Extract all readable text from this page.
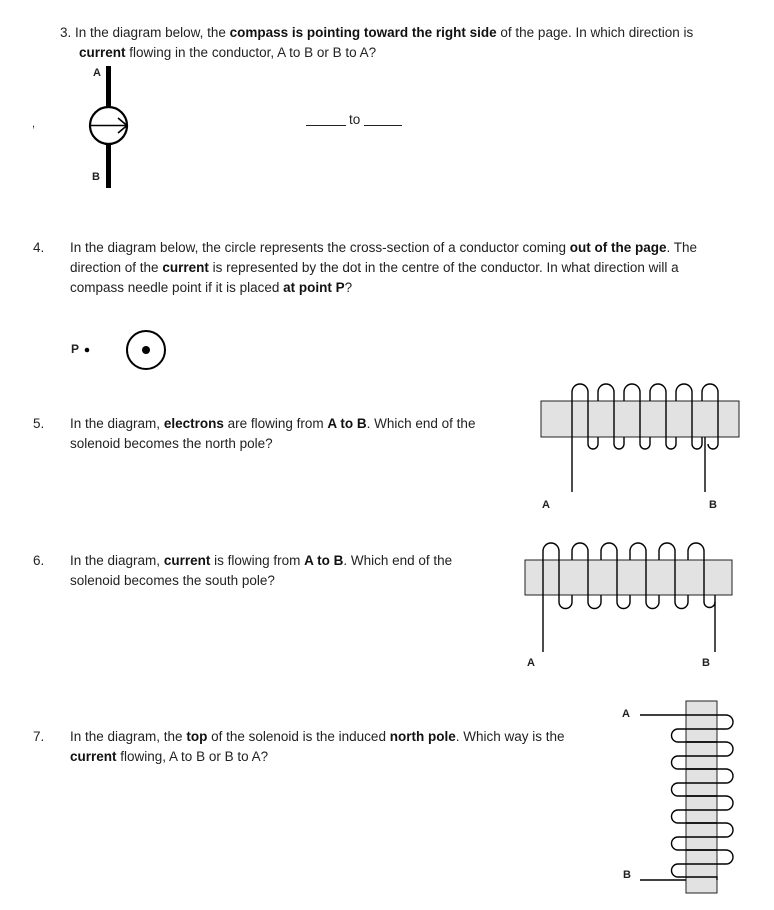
3. In the diagram below, the compass is pointing toward the right side of the page. In which direction is
current flowing in the conductor, A to B or B to A?
,
A
B
to
4. In the diagram below, the circle represents the cross-section of a conductor coming out of the page. The
direction of the current is represented by the dot in the centre of the conductor. In what direction will a
compass needle point if it is placed at point P?
P
5. In the diagram, electrons are flowing from A to B. Which end of the
solenoid becomes the north pole?
A	B
6. In the diagram, current is flowing from A to B. Which end of the
solenoid becomes the south pole?
A	B
7. In the diagram, the top of the solenoid is the induced north pole. Which way is the
current flowing, A to B or B to A?
A
B
